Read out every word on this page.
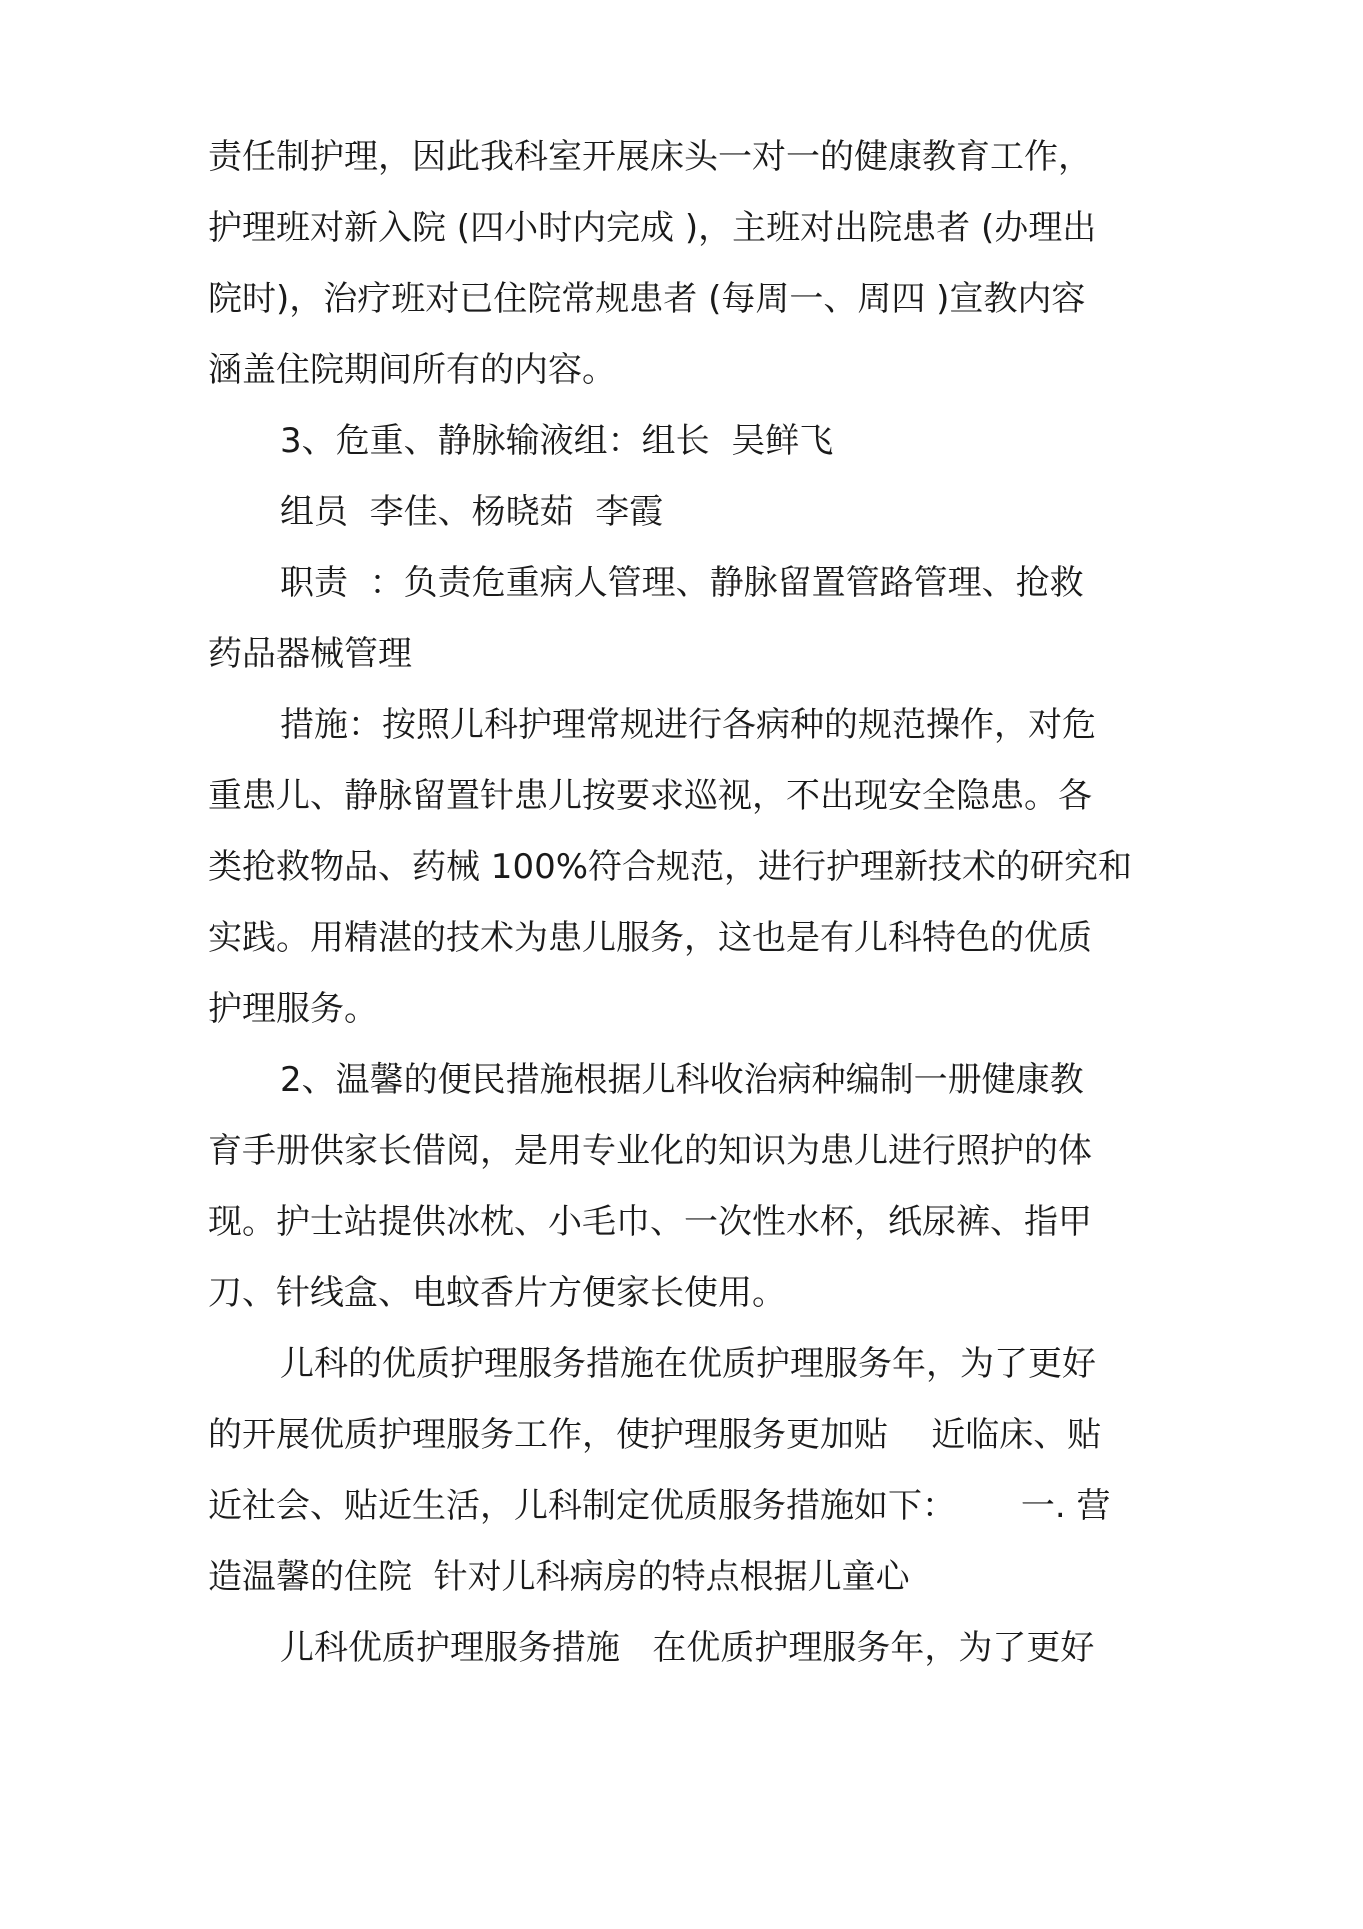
责任制护理，因此我科室开展床头一对一的健康教育工作，
护理班对新入院 (四小时内完成 )，主班对出院患者 (办理出
院时)，治疗班对已住院常规患者 (每周一、周四 )宣教内容
涵盖住院期间所有的内容。
3、危重、静脉输液组：组长  吴鲜飞
组员  李佳、杨晓茹  李霞
职责  ：负责危重病人管理、静脉留置管路管理、抢救
药品器械管理
措施：按照儿科护理常规进行各病种的规范操作，对危
重患儿、静脉留置针患儿按要求巡视，不出现安全隐患。各
类抢救物品、药械 100%符合规范，进行护理新技术的研究和
实践。用精湛的技术为患儿服务，这也是有儿科特色的优质
护理服务。
2、温馨的便民措施根据儿科收治病种编制一册健康教
育手册供家长借阅，是用专业化的知识为患儿进行照护的体
现。护士站提供冰枕、小毛巾、一次性水杯，纸尿裤、指甲
刀、针线盒、电蚊香片方便家长使用。
儿科的优质护理服务措施在优质护理服务年，为了更好
的开展优质护理服务工作，使护理服务更加贴    近临床、贴
近社会、贴近生活，儿科制定优质服务措施如下：      一. 营
造温馨的住院  针对儿科病房的特点根据儿童心
儿科优质护理服务措施   在优质护理服务年，为了更好
